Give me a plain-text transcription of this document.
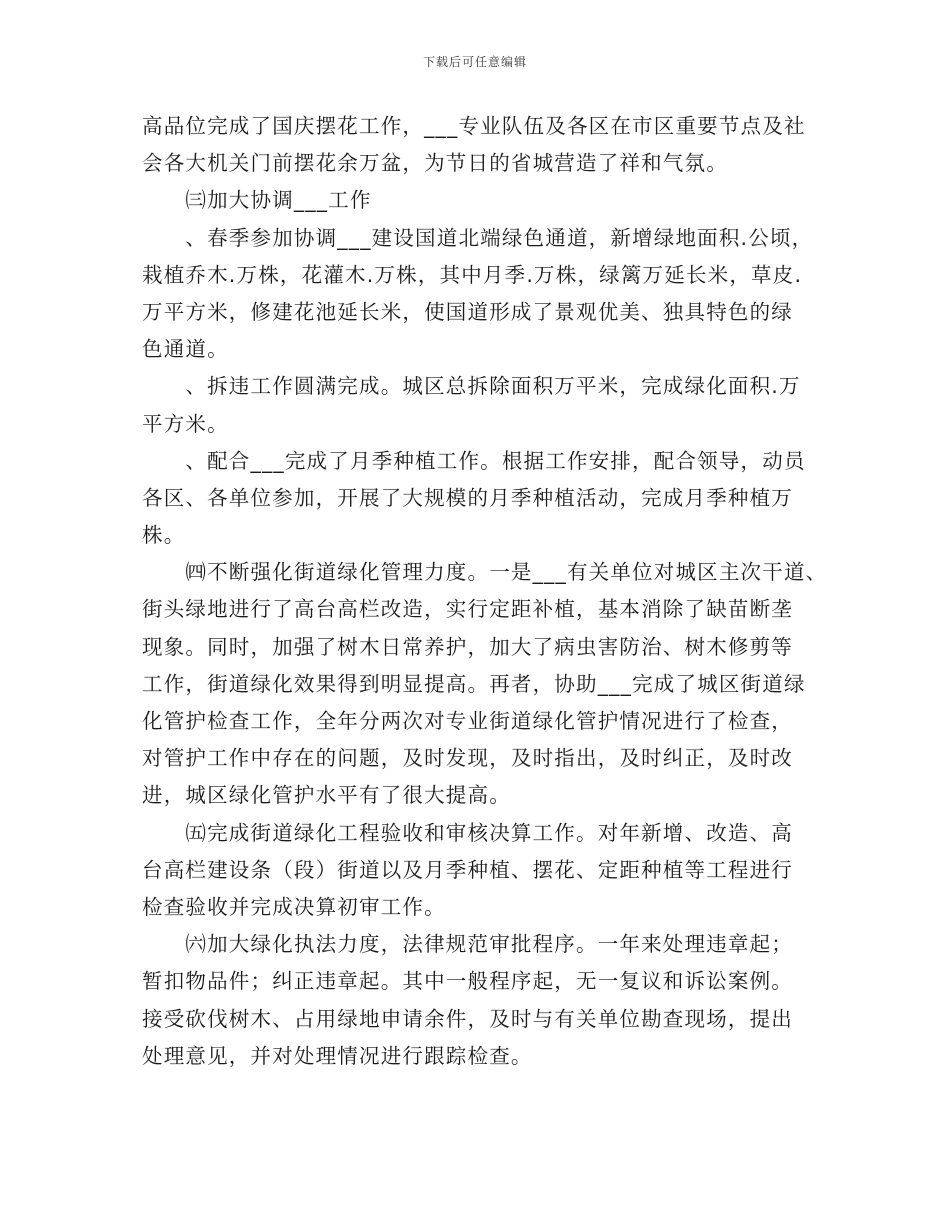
下载后可任意编辑
高品位完成了国庆摆花工作，___专业队伍及各区在市区重要节点及社
会各大机关门前摆花余万盆，为节日的省城营造了祥和气氛。
　　㈢加大协调___工作
　　、春季参加协调___建设国道北端绿色通道，新增绿地面积.公顷，
栽植乔木.万株，花灌木.万株，其中月季.万株，绿篱万延长米，草皮.
万平方米，修建花池延长米，使国道形成了景观优美、独具特色的绿
色通道。
　　、拆违工作圆满完成。城区总拆除面积万平米，完成绿化面积.万
平方米。
　　、配合___完成了月季种植工作。根据工作安排，配合领导，动员
各区、各单位参加，开展了大规模的月季种植活动，完成月季种植万
株。
　　㈣不断强化街道绿化管理力度。一是___有关单位对城区主次干道、
街头绿地进行了高台高栏改造，实行定距补植，基本消除了缺苗断垄
现象。同时，加强了树木日常养护，加大了病虫害防治、树木修剪等
工作，街道绿化效果得到明显提高。再者，协助___完成了城区街道绿
化管护检查工作，全年分两次对专业街道绿化管护情况进行了检查，
对管护工作中存在的问题，及时发现，及时指出，及时纠正，及时改
进，城区绿化管护水平有了很大提高。
　　㈤完成街道绿化工程验收和审核决算工作。对年新增、改造、高
台高栏建设条（段）街道以及月季种植、摆花、定距种植等工程进行
检查验收并完成决算初审工作。
　　㈥加大绿化执法力度，法律规范审批程序。一年来处理违章起；
暂扣物品件；纠正违章起。其中一般程序起，无一复议和诉讼案例。
接受砍伐树木、占用绿地申请余件，及时与有关单位勘查现场，提出
处理意见，并对处理情况进行跟踪检查。
